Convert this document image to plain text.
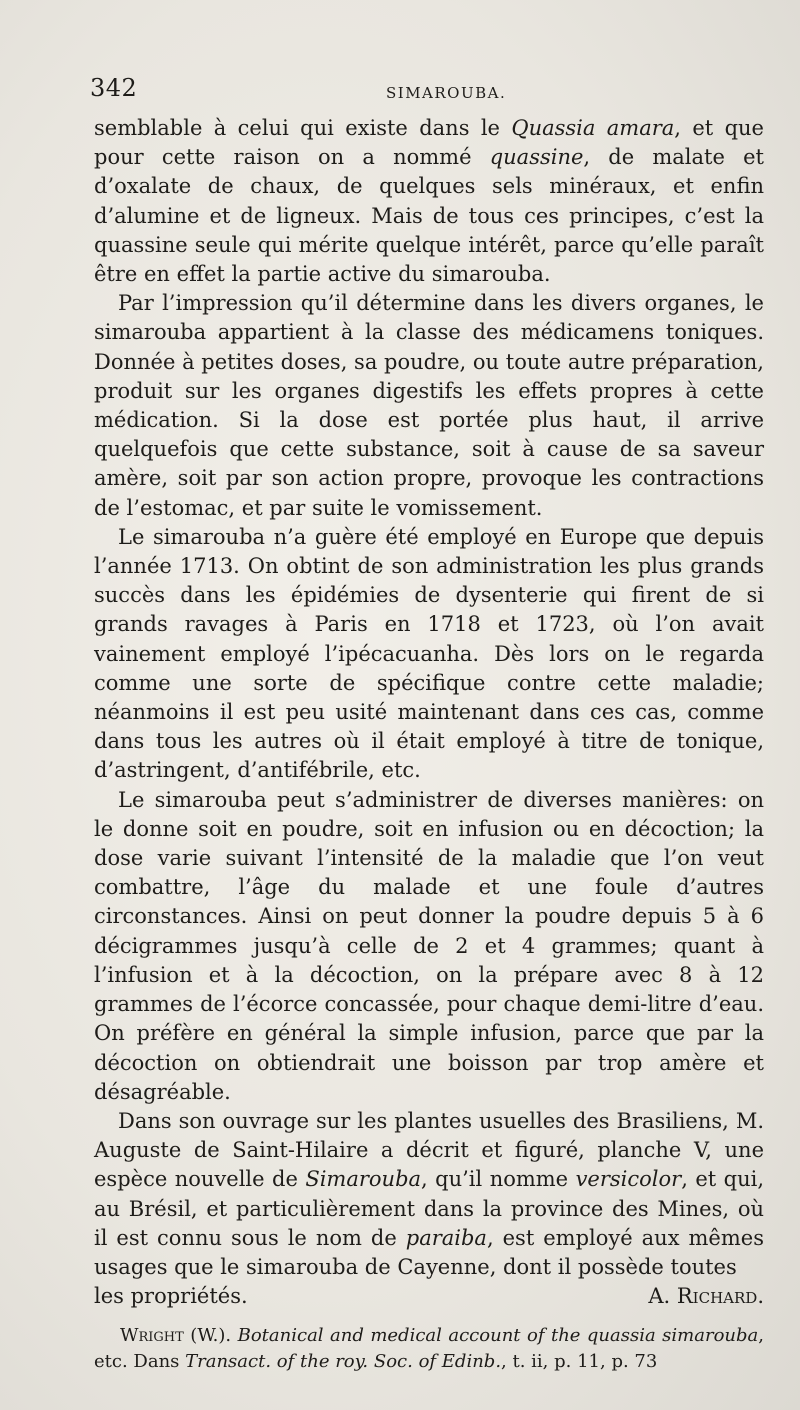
342	SIMAROUBA.

semblable à celui qui existe dans le Quassia amara, et que pour cette raison on a nommé quassine, de malate et d’oxalate de chaux, de quelques sels minéraux, et enfin d’alumine et de ligneux. Mais de tous ces principes, c’est la quassine seule qui mérite quelque intérêt, parce qu’elle paraît être en effet la partie active du simarouba.

Par l’impression qu’il détermine dans les divers organes, le simarouba appartient à la classe des médicamens toniques. Donnée à petites doses, sa poudre, ou toute autre préparation, produit sur les organes digestifs les effets propres à cette médication. Si la dose est portée plus haut, il arrive quelquefois que cette substance, soit à cause de sa saveur amère, soit par son action propre, provoque les contractions de l’estomac, et par suite le vomissement.

Le simarouba n’a guère été employé en Europe que depuis l’année 1713. On obtint de son administration les plus grands succès dans les épidémies de dysenterie qui firent de si grands ravages à Paris en 1718 et 1723, où l’on avait vainement employé l’ipécacuanha. Dès lors on le regarda comme une sorte de spécifique contre cette maladie; néanmoins il est peu usité maintenant dans ces cas, comme dans tous les autres où il était employé à titre de tonique, d’astringent, d’antifébrile, etc.

Le simarouba peut s’administrer de diverses manières: on le donne soit en poudre, soit en infusion ou en décoction; la dose varie suivant l’intensité de la maladie que l’on veut combattre, l’âge du malade et une foule d’autres circonstances. Ainsi on peut donner la poudre depuis 5 à 6 décigrammes jusqu’à celle de 2 et 4 grammes; quant à l’infusion et à la décoction, on la prépare avec 8 à 12 grammes de l’écorce concassée, pour chaque demi-litre d’eau. On préfère en général la simple infusion, parce que par la décoction on obtiendrait une boisson par trop amère et désagréable.

Dans son ouvrage sur les plantes usuelles des Brasiliens, M. Auguste de Saint-Hilaire a décrit et figuré, planche V, une espèce nouvelle de Simarouba, qu’il nomme versicolor, et qui, au Brésil, et particulièrement dans la province des Mines, où il est connu sous le nom de paraiba, est employé aux mêmes usages que le simarouba de Cayenne, dont il possède toutes

les propriétés.	A. Richard.

Wright (W.). Botanical and medical account of the quassia simarouba, etc. Dans Transact. of the roy. Soc. of Edinb., t. ii, p. 11, p. 73
